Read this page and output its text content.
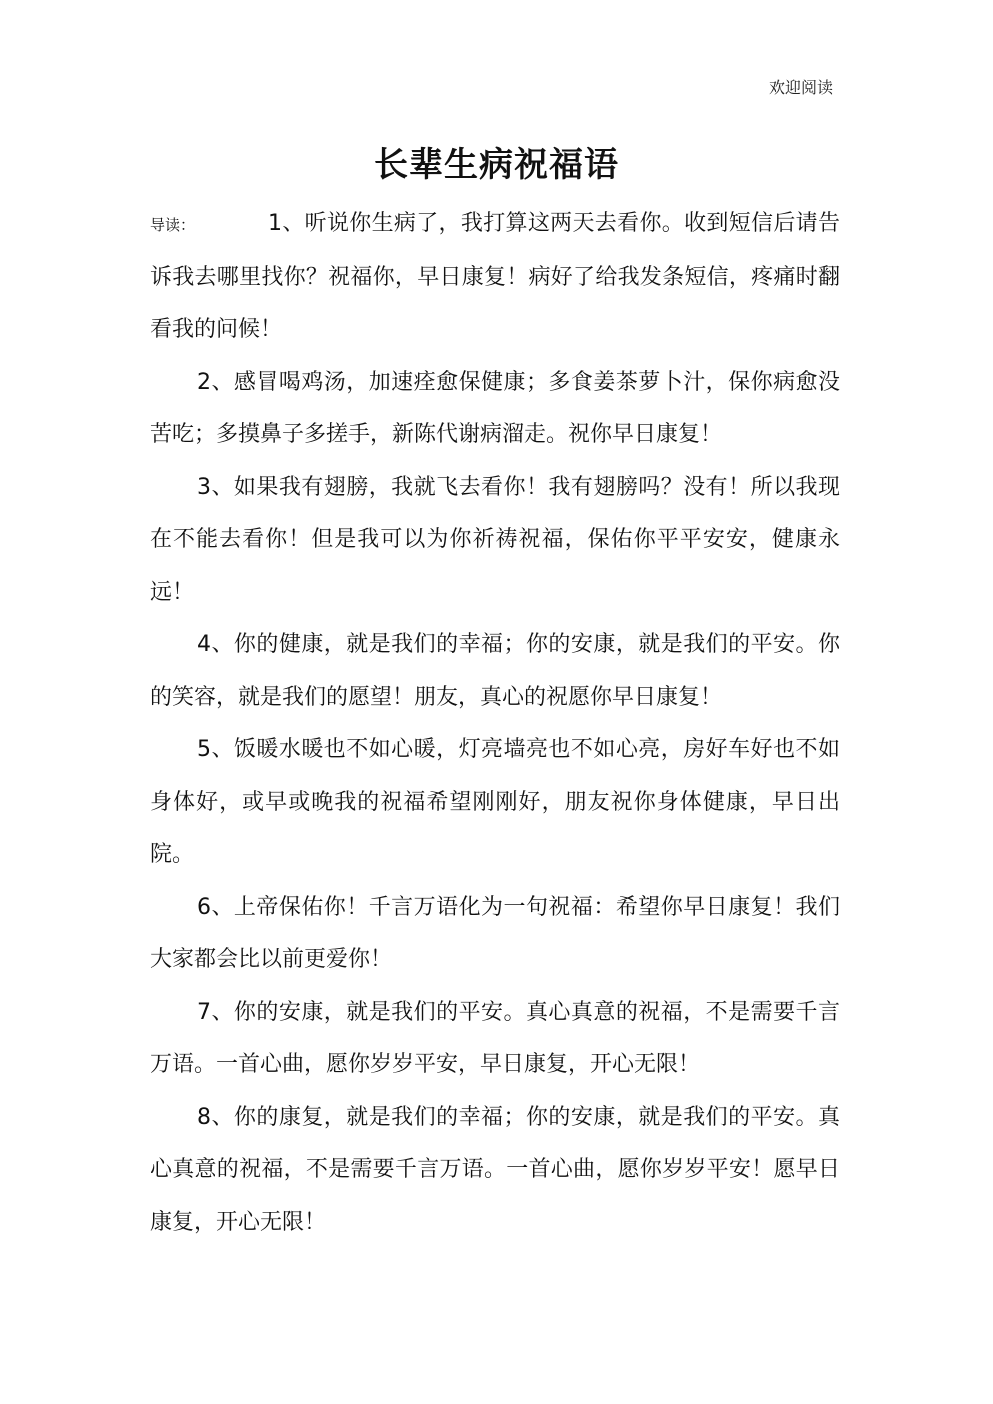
欢迎阅读
长辈生病祝福语

导读：	1、听说你生病了，我打算这两天去看你。收到短信后请告诉我去哪里找你？祝福你，早日康复！病好了给我发条短信，疼痛时翻看我的问候！

2、感冒喝鸡汤，加速痊愈保健康；多食姜茶萝卜汁，保你病愈没苦吃；多摸鼻子多搓手，新陈代谢病溜走。祝你早日康复！

3、如果我有翅膀，我就飞去看你！我有翅膀吗？没有！所以我现在不能去看你！但是我可以为你祈祷祝福，保佑你平平安安，健康永远！

4、你的健康，就是我们的幸福；你的安康，就是我们的平安。你的笑容，就是我们的愿望！朋友，真心的祝愿你早日康复！

5、饭暖水暖也不如心暖，灯亮墙亮也不如心亮，房好车好也不如身体好，或早或晚我的祝福希望刚刚好，朋友祝你身体健康，早日出院。

6、上帝保佑你！千言万语化为一句祝福：希望你早日康复！我们大家都会比以前更爱你！

7、你的安康，就是我们的平安。真心真意的祝福，不是需要千言万语。一首心曲，愿你岁岁平安，早日康复，开心无限！

8、你的康复，就是我们的幸福；你的安康，就是我们的平安。真心真意的祝福，不是需要千言万语。一首心曲，愿你岁岁平安！愿早日康复，开心无限！
